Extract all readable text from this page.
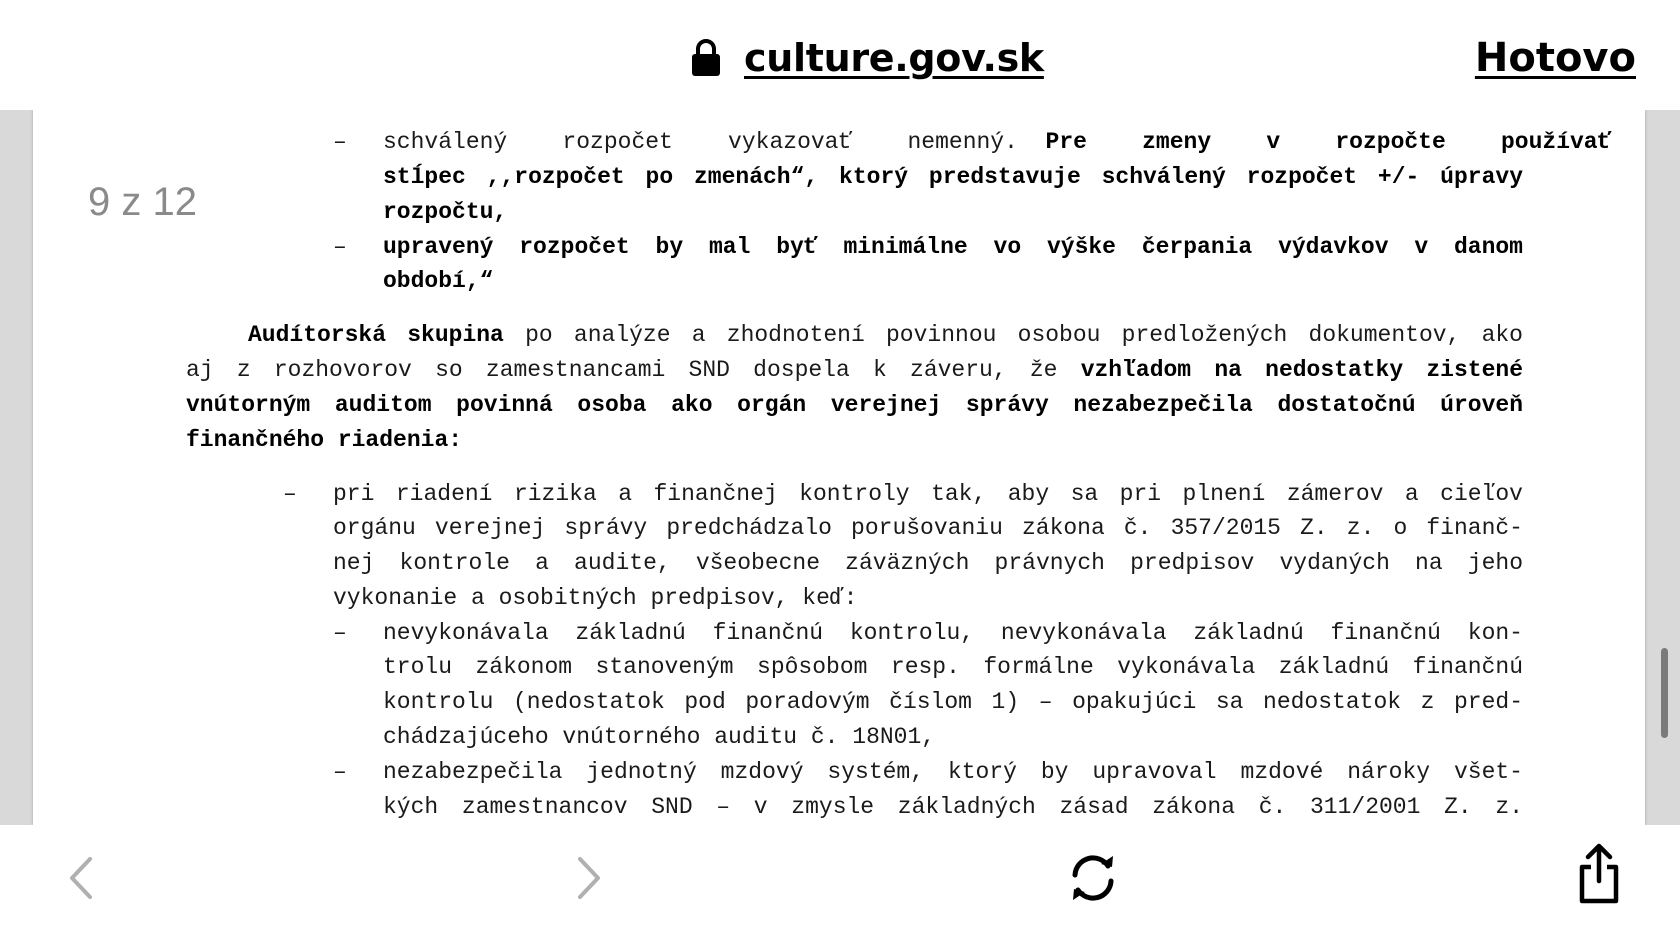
culture.gov.sk	Hotovo
– schválený    rozpočet    vykazovať    nemenný.  Pre    zmeny    v    rozpočte    používať
stĺpec ,,rozpočet po zmenách“, ktorý predstavuje schválený rozpočet +/- úpravy
rozpočtu,
– upravený rozpočet by mal byť minimálne vo výške čerpania výdavkov v danom
období,“
Audítorská skupina po analýze a zhodnotení povinnou osobou predložených dokumentov, ako
aj z rozhovorov so zamestnancami SND dospela k záveru, že vzhľadom na nedostatky zistené
vnútorným auditom povinná osoba ako orgán verejnej správy nezabezpečila dostatočnú úroveň
finančného riadenia:
– pri riadení rizika a finančnej kontroly tak, aby sa pri plnení zámerov a cieľov
orgánu verejnej správy predchádzalo porušovaniu zákona č. 357/2015 Z. z. o finanč-
nej kontrole a audite, všeobecne záväzných právnych predpisov vydaných na jeho
vykonanie a osobitných predpisov, keď:
– nevykonávala základnú finančnú kontrolu, nevykonávala základnú finančnú kon-
trolu zákonom stanoveným spôsobom resp. formálne vykonávala základnú finančnú
kontrolu (nedostatok pod poradovým číslom 1) – opakujúci sa nedostatok z pred-
chádzajúceho vnútorného auditu č. 18N01,
– nezabezpečila jednotný mzdový systém, ktorý by upravoval mzdové nároky všet-
kých zamestnancov SND – v zmysle základných zásad zákona č. 311/2001 Z. z.
9 z 12
